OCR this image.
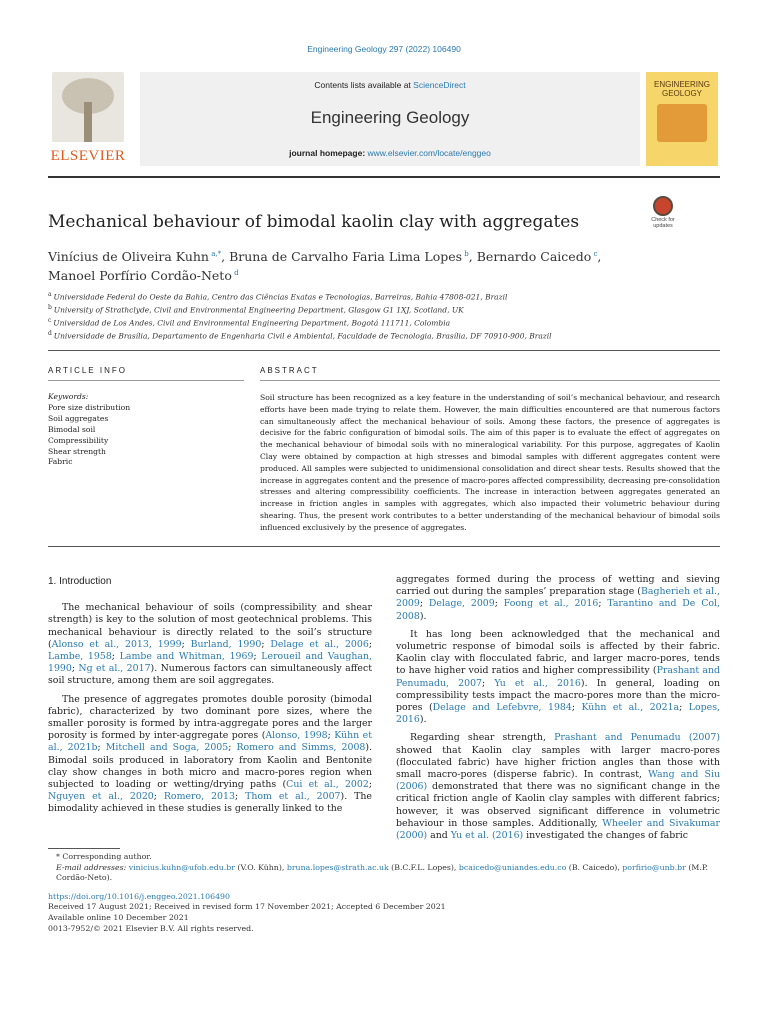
Engineering Geology 297 (2022) 106490
ELSEVIER
Contents lists available at ScienceDirect
Engineering Geology
journal homepage: www.elsevier.com/locate/enggeo
ENGINEERING GEOLOGY
Mechanical behaviour of bimodal kaolin clay with aggregates	Check for updates
Vinícius de Oliveira Kuhn $^{a,*}$, Bruna de Carvalho Faria Lima Lopes $^b$, Bernardo Caicedo $^c$, Manoel Porfírio Cordão-Neto $^d$
$^a$ Universidade Federal do Oeste da Bahia, Centro das Ciências Exatas e Tecnologias, Barreiras, Bahia 47808-021, Brazil
$^b$ University of Strathclyde, Civil and Environmental Engineering Department, Glasgow G1 1XJ, Scotland, UK
$^c$ Universidad de Los Andes, Civil and Environmental Engineering Department, Bogotá 111711, Colombia
$^d$ Universidade de Brasília, Departamento de Engenharia Civil e Ambiental, Faculdade de Tecnologia, Brasília, DF 70910-900, Brazil
ARTICLE INFO	ABSTRACT
Keywords:
Pore size distribution
Soil aggregates
Bimodal soil
Compressibility
Shear strength
Fabric
Soil structure has been recognized as a key feature in the understanding of soil’s mechanical behaviour, and research efforts have been made trying to relate them. However, the main difficulties encountered are that numerous factors can simultaneously affect the mechanical behaviour of soils. Among these factors, the presence of aggregates is decisive for the fabric configuration of bimodal soils. The aim of this paper is to evaluate the effect of aggregates on the mechanical behaviour of bimodal soils with no mineralogical variability. For this purpose, aggregates of Kaolin Clay were obtained by compaction at high stresses and bimodal samples with different aggregates content were produced. All samples were subjected to unidimensional consolidation and direct shear tests. Results showed that the increase in aggregates content and the presence of macro-pores affected compressibility, decreasing pre-consolidation stresses and altering compressibility coefficients. The increase in interaction between aggregates generated an increase in friction angles in samples with aggregates, which also impacted their volumetric behaviour during shearing. Thus, the present work contributes to a better understanding of the mechanical behaviour of bimodal soils influenced exclusively by the presence of aggregates.
1. Introduction

The mechanical behaviour of soils (compressibility and shear strength) is key to the solution of most geotechnical problems. This mechanical behaviour is directly related to the soil’s structure (Alonso et al., 2013, 1999; Burland, 1990; Delage et al., 2006; Lambe, 1958; Lambe and Whitman, 1969; Leroueil and Vaughan, 1990; Ng et al., 2017). Numerous factors can simultaneously affect soil structure, among them are soil aggregates.

The presence of aggregates promotes double porosity (bimodal fabric), characterized by two dominant pore sizes, where the smaller porosity is formed by intra-aggregate pores and the larger porosity is formed by inter-aggregate pores (Alonso, 1998; Kühn et al., 2021b; Mitchell and Soga, 2005; Romero and Simms, 2008). Bimodal soils produced in laboratory from Kaolin and Bentonite clay show changes in both micro and macro-pores region when subjected to loading or wetting/drying paths (Cui et al., 2002; Nguyen et al., 2020; Romero, 2013; Thom et al., 2007). The bimodality achieved in these studies is generally linked to the

aggregates formed during the process of wetting and sieving carried out during the samples’ preparation stage (Bagherieh et al., 2009; Delage, 2009; Foong et al., 2016; Tarantino and De Col, 2008).

It has long been acknowledged that the mechanical and volumetric response of bimodal soils is affected by their fabric. Kaolin clay with flocculated fabric, and larger macro-pores, tends to have higher void ratios and higher compressibility (Prashant and Penumadu, 2007; Yu et al., 2016). In general, loading on compressibility tests impact the macro-pores more than the micro-pores (Delage and Lefebvre, 1984; Kühn et al., 2021a; Lopes, 2016).

Regarding shear strength, Prashant and Penumadu (2007) showed that Kaolin clay samples with larger macro-pores (flocculated fabric) have higher friction angles than those with small macro-pores (disperse fabric). In contrast, Wang and Siu (2006) demonstrated that there was no significant change in the critical friction angle of Kaolin clay samples with different fabrics; however, it was observed significant difference in volumetric behaviour in those samples. Additionally, Wheeler and Sivakumar (2000) and Yu et al. (2016) investigated the changes of fabric

* Corresponding author.

E-mail addresses: vinicius.kuhn@ufob.edu.br (V.O. Kühn), bruna.lopes@strath.ac.uk (B.C.F.L. Lopes), bcaicedo@uniandes.edu.co (B. Caicedo), porfirio@unb.br (M.P. Cordão-Neto).

https://doi.org/10.1016/j.enggeo.2021.106490

Received 17 August 2021; Received in revised form 17 November 2021; Accepted 6 December 2021

Available online 10 December 2021

0013-7952/© 2021 Elsevier B.V. All rights reserved.
